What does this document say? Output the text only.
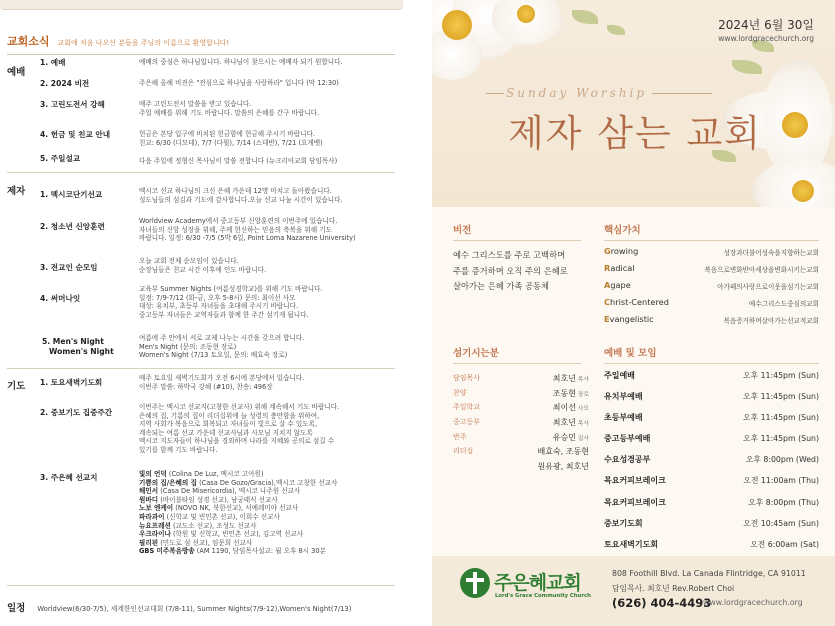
교회소식 교회에 처음 나오신 분들을 주님의 이름으로 환영합니다!
예배
1. 예배	예배의 중심은 하나님입니다. 하나님이 찾으시는 예배자 되기 원합니다.
2. 2024 비전	주은혜 올해 비전은 "전심으로 하나님을 사랑하라" 입니다 (막 12:30)
3. 고린도전서 강해	매주 고린도전서 말씀을 받고 있습니다.
주일 예배를 위해 기도 바랍니다. 말씀의 은혜를 간구 바랍니다.
4. 헌금 및 친교 안내	헌금은 본당 입구에 비치된 헌금함에 헌금해 주시기 바랍니다.
친교: 6/30 (디모데), 7/7 (다윗), 7/14 (스데반), 7/21 (요게벳)
5. 주일설교	다음 주일에 정형신 목사님이 말씀 전합니다 (뉴크리아교회 담임목사)
제자 1. 멕시코단기선교	멕시코 선교 하나님의 크신 은혜 가운데 12명 마치고 돌아왔습니다.
성도님들의 섬김과 기도에 감사합니다.오늘 선교 나눔 시간이 있습니다.
2. 청소년 신앙훈련
Worldview Academy에서 중고등부 신앙훈련의 이번주에 있습니다.
자녀들의 신앙 성장을 위해, 주께 헌신하는 믿음의 축복을 위해 기도
바랍니다. 일정: 6/30 -7/5 (5박 6일, Point Loma Nazarene University)
3. 전교인 순모임
오늘 교회 전체 순모임이 있습니다.
순장님들은 친교 시간 이후에 인도 바랍니다.
4. 써머나잇
교육부 Summer Nights (여름성경학교)를 위해 기도 바랍니다.
일정: 7/9-7/12 (화-금, 오후 5-8시) 문의: 최이선 사모
대상: 유치부, 초등부 자녀들을 초대해 주시기 바랍니다.
중고등부 자녀들은 교역자들과 함께 한 주간 섬기게 됩니다.
5. Men's Night
Women's Night
여름에 주 안에서 서로 교제 나누는 시간을 갖으려 합니다.
Men's Night (문의: 조동현 장로)
Women's Night (7/13 토요일, 문의: 배효숙 장로)
기도 1. 토요새벽기도회	매주 토요일 새벽기도회가 오전 6시에 본당에서 있습니다.
이번주 말씀: 하박국 강해 (#10), 찬송: 496장
2. 중보기도 집중주간
이번주는 멕시코 선교지(고창한 선교사) 위해 계속해서 기도 바랍니다.
은혜의 집, 기름의 집이 리더십위에 늘 성령의 충만함을 위하여,
지역 사회가 복음으로 회복되고 자녀들이 빛으로 살 수 있도록,
계속되는 여름 선교 가운데 선교사님과 사모님 지치지 않도록
멕시코 지도자들이 하나님을 경외하며 나라를 지혜와 공의로 섬길 수
있기를 함께 기도 바랍니다.
3. 주은혜 선교지	빛의 언덕 (Colina De Luz, 멕시코 고아원)
기쁨의 집/은혜의 집 (Casa De Gozo/Gracia),멕시코 고창한 선교사
헤민서 (Casa De Misericordia), 멕시코 나주원 선교사
원바디 (바이블타임 성경 선교), 남궁태식 선교사
노보 엔케이 (NOVO NK, 북한선교), 서예레미야 선교사
파라과이 (신학교 및 빈민촌 선교), 이희수 선교사
뉴요프레션 (교도소 선교), 조성도 선교사
우크라이나 (학원 및 신학교, 빈민촌 선교), 김고역 선교사
필리핀 (민도로 섬 선교), 임문희 선교사
GBS 미주복음방송 (AM 1190, 담임목사설교: 월 오후 8시 30분
일정 Worldview(6/30-7/5), 세계한인선교대회 (7/8-11), Summer Nights(7/9-12),Women's Night(7/13)
2024년 6월 30일
www.lordgracechurch.org
Sunday Worship
제자 삼는 교회
비전
예수 그리스도를 주로 고백하며
주를 증거하며 오직 주의 은혜로
살아가는 은혜 가족 공동체
핵심가치
Growing	성장과더불어성숙을지향하는교회
Radical	복음으로변화받아세상을변화시키는교회
Agape	아가페의사랑으로이웃을섬기는교회
Christ-Centered	예수그리스도중심의교회
Evangelistic	복음증거하며살아가는선교적교회
섬기시는분
담임목사	최호년 목사
찬양	조동현 장로
주일학교	최이선 사모
중고등부	최호년 목사
반주	유승민 집사
리더십	배효숙, 조동현
원유광, 최호년
예배 및 모임
주일예배	오후 11:45pm (Sun)
유치부예배	오후 11:45pm (Sun)
초등부예배	오후 11:45pm (Sun)
중고등부예배	오후 11:45pm (Sun)
수요성경공부	오후 8:00pm (Wed)
목요커피브레이크	오전 11:00am (Thu)
목요커피브레이크	오후 8:00pm (Thu)
중보기도회	오전 10:45am (Sun)
토요새벽기도회	오전 6:00am (Sat)
주은혜교회
Lord's Grace Community Church
808 Foothill Blvd. La Canada Flintridge, CA 91011
담임목사. 최호년 Rev.Robert Choi
(626) 404-4493
www.lordgracechurch.org
